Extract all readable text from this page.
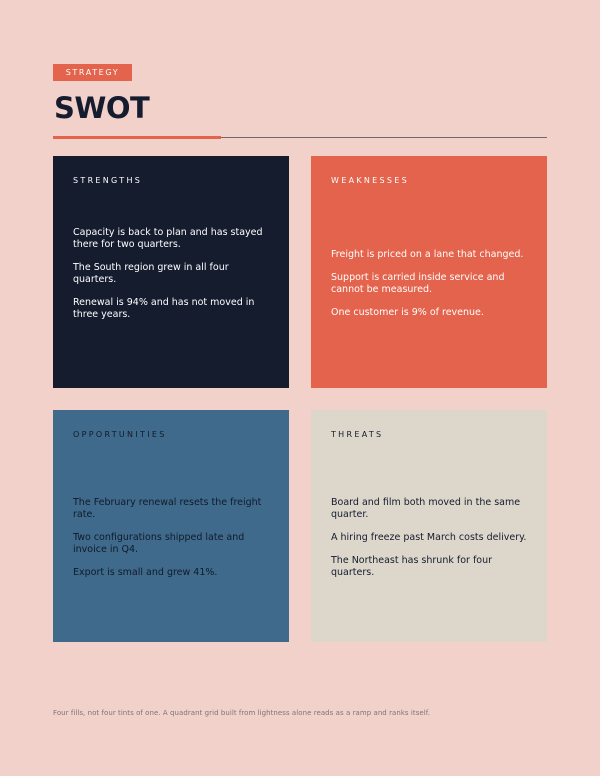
STRATEGY
SWOT
STRENGTHS
Capacity is back to plan and has stayed there for two quarters.
The South region grew in all four quarters.
Renewal is 94% and has not moved in three years.
WEAKNESSES
Freight is priced on a lane that changed.
Support is carried inside service and cannot be measured.
One customer is 9% of revenue.
OPPORTUNITIES
The February renewal resets the freight rate.
Two configurations shipped late and invoice in Q4.
Export is small and grew 41%.
THREATS
Board and film both moved in the same quarter.
A hiring freeze past March costs delivery.
The Northeast has shrunk for four quarters.
Four fills, not four tints of one. A quadrant grid built from lightness alone reads as a ramp and ranks itself.
